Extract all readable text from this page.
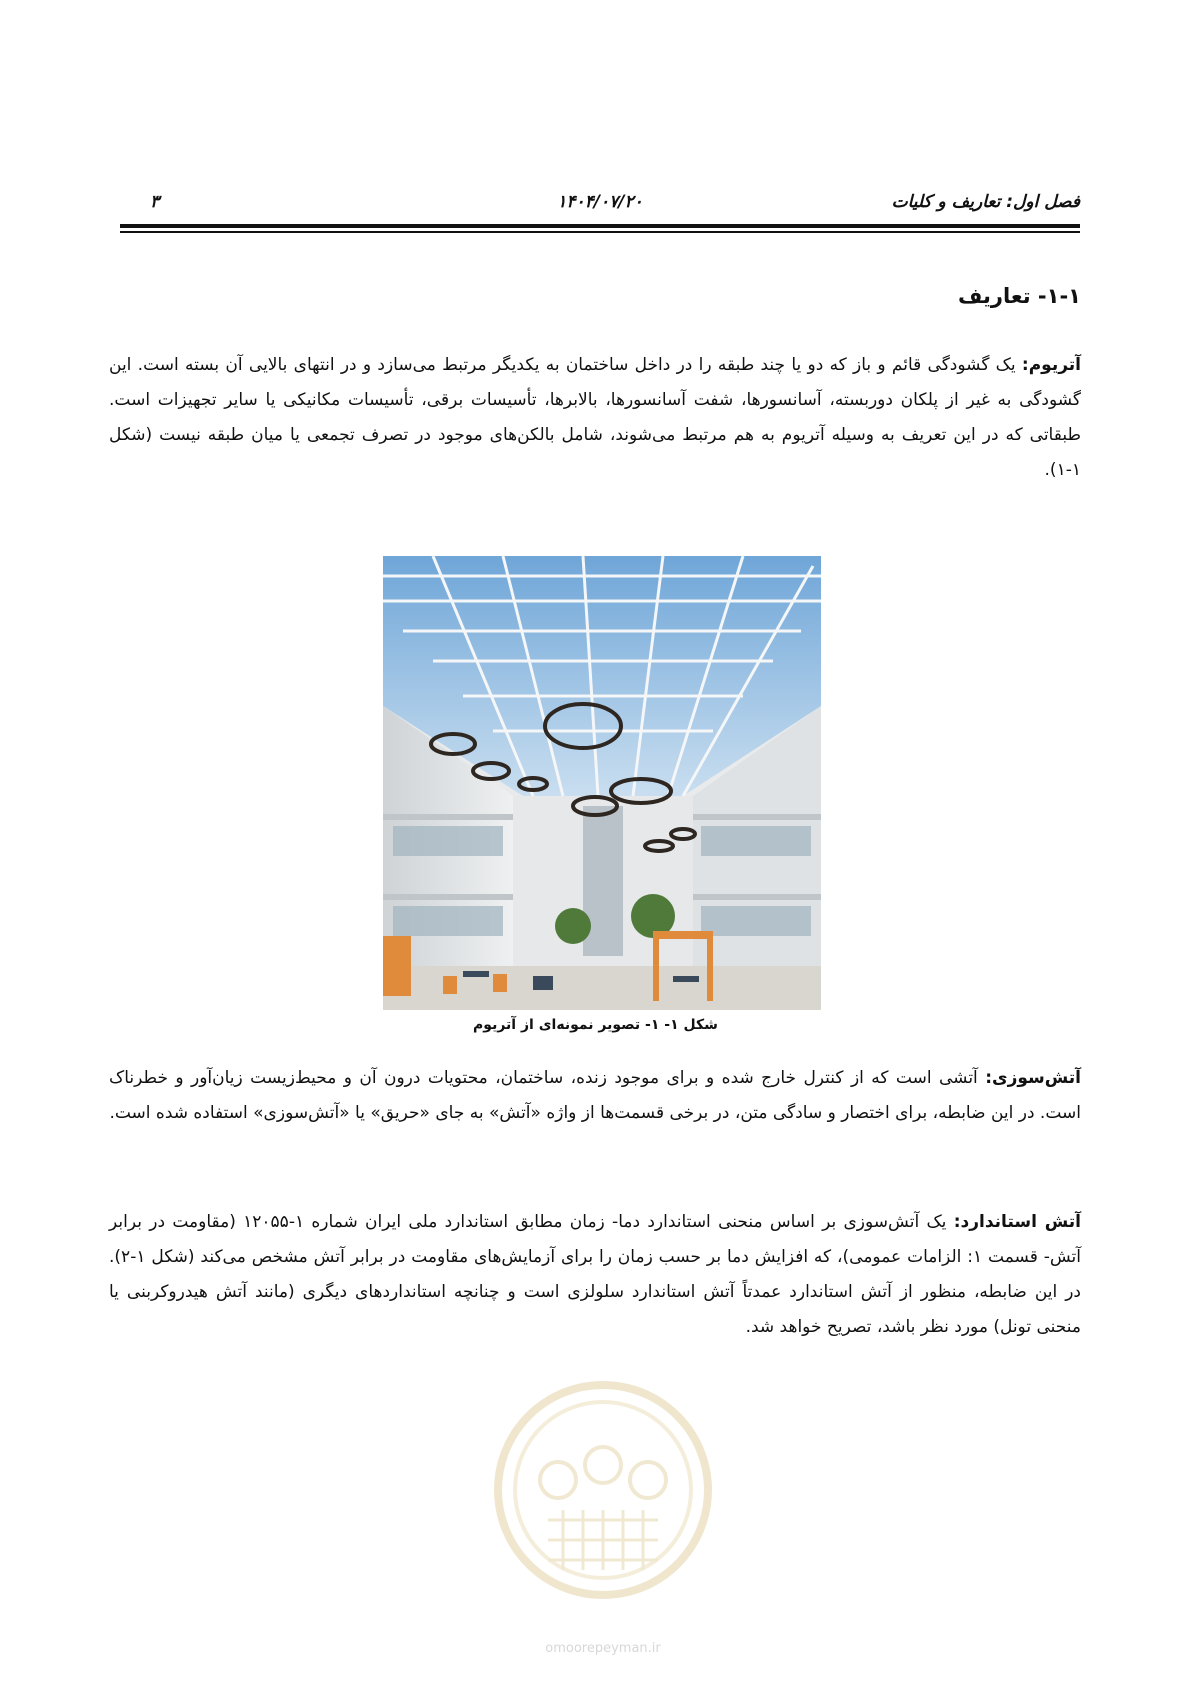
فصل اول: تعاریف و کلیات
۱۴۰۴/۰۷/۲۰
۳
۱-۱- تعاریف
آتریوم: یک گشودگی قائم و باز که دو یا چند طبقه را در داخل ساختمان به یکدیگر مرتبط می‌سازد و در انتهای بالایی آن بسته است. این گشودگی به غیر از پلکان دوربسته، آسانسورها، شفت آسانسورها، بالابرها، تأسیسات برقی، تأسیسات مکانیکی یا سایر تجهیزات است. طبقاتی که در این تعریف به وسیله آتریوم به هم مرتبط می‌شوند، شامل بالکن‌های موجود در تصرف تجمعی یا میان طبقه نیست (شکل ۱-۱).
شکل ۱- ۱- تصویر نمونه‌ای از آتریوم
آتش‌سوزی: آتشی است که از کنترل خارج شده و برای موجود زنده، ساختمان، محتویات درون آن و محیط‌زیست زیان‌آور و خطرناک است. در این ضابطه، برای اختصار و سادگی متن، در برخی قسمت‌ها از واژه «آتش» به جای «حریق» یا «آتش‌سوزی» استفاده شده است.
آتش استاندارد: یک آتش‌سوزی بر اساس منحنی استاندارد دما- زمان مطابق استاندارد ملی ایران شماره ۱-۱۲۰۵۵ (مقاومت در برابر آتش- قسمت ۱: الزامات عمومی)، که افزایش دما بر حسب زمان را برای آزمایش‌های مقاومت در برابر آتش مشخص می‌کند (شکل ۱-۲). در این ضابطه، منظور از آتش استاندارد عمدتاً آتش استاندارد سلولزی است و چنانچه استانداردهای دیگری (مانند آتش هیدروکربنی یا منحنی تونل) مورد نظر باشد، تصریح خواهد شد.
omoorepeyman.ir
